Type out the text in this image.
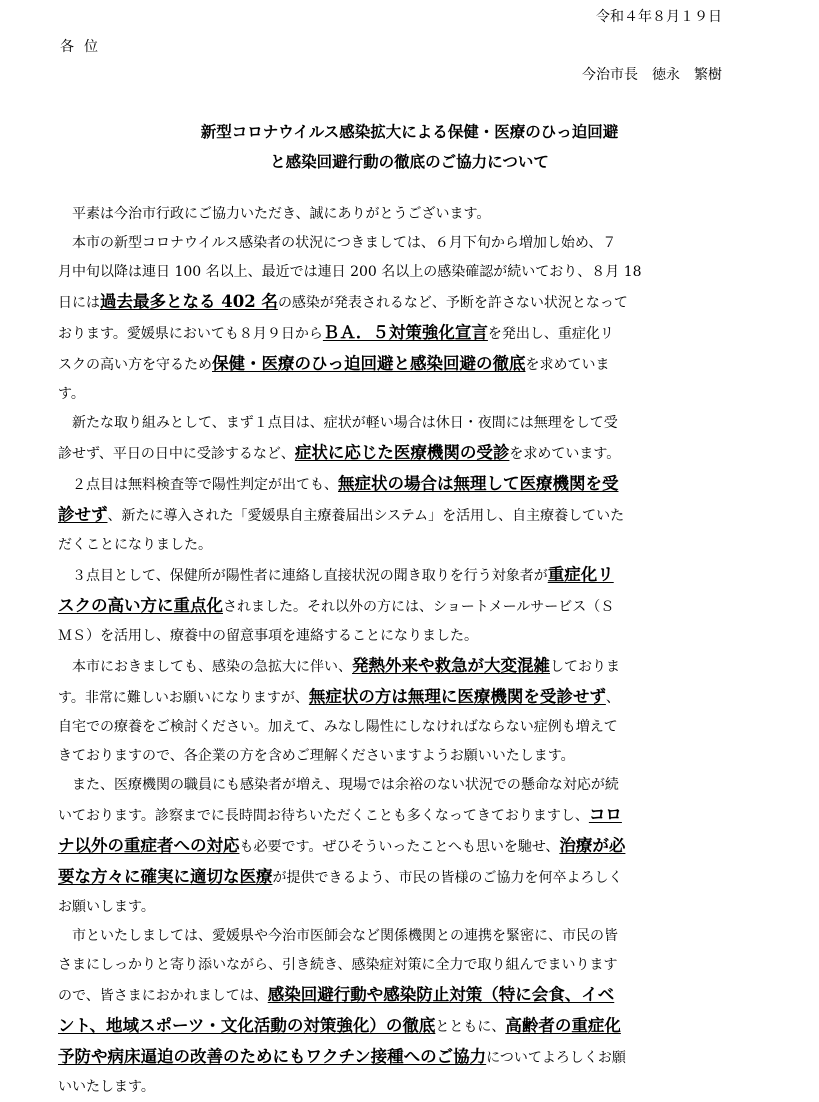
令和４年８月１９日
各位
今治市長　徳永　繁樹
新型コロナウイルス感染拡大による保健・医療のひっ迫回避
と感染回避行動の徹底のご協力について

　平素は今治市行政にご協力いただき、誠にありがとうございます。

　本市の新型コロナウイルス感染者の状況につきましては、６月下旬から増加し始め、７
月中旬以降は連日 100 名以上、最近では連日 200 名以上の感染確認が続いており、８月 18
日には過去最多となる 402 名の感染が発表されるなど、予断を許さない状況となって
おります。愛媛県においても８月９日からＢＡ．５対策強化宣言を発出し、重症化リ
スクの高い方を守るため保健・医療のひっ迫回避と感染回避の徹底を求めていま
す。

　新たな取り組みとして、まず１点目は、症状が軽い場合は休日・夜間には無理をして受
診せず、平日の日中に受診するなど、症状に応じた医療機関の受診を求めています。

　２点目は無料検査等で陽性判定が出ても、無症状の場合は無理して医療機関を受
診せず、新たに導入された「愛媛県自主療養届出システム」を活用し、自主療養していた
だくことになりました。

　３点目として、保健所が陽性者に連絡し直接状況の聞き取りを行う対象者が重症化リ
スクの高い方に重点化されました。それ以外の方には、ショートメールサービス（Ｓ
ＭＳ）を活用し、療養中の留意事項を連絡することになりました。

　本市におきましても、感染の急拡大に伴い、発熱外来や救急が大変混雑しておりま
す。非常に難しいお願いになりますが、無症状の方は無理に医療機関を受診せず、
自宅での療養をご検討ください。加えて、みなし陽性にしなければならない症例も増えて
きておりますので、各企業の方を含めご理解くださいますようお願いいたします。

　また、医療機関の職員にも感染者が増え、現場では余裕のない状況での懸命な対応が続
いております。診察までに長時間お待ちいただくことも多くなってきておりますし、コロ
ナ以外の重症者への対応も必要です。ぜひそういったことへも思いを馳せ、治療が必
要な方々に確実に適切な医療が提供できるよう、市民の皆様のご協力を何卒よろしく
お願いします。

　市といたしましては、愛媛県や今治市医師会など関係機関との連携を緊密に、市民の皆
さまにしっかりと寄り添いながら、引き続き、感染症対策に全力で取り組んでまいります
ので、皆さまにおかれましては、感染回避行動や感染防止対策（特に会食、イベ
ント、地域スポーツ・文化活動の対策強化）の徹底とともに、高齢者の重症化
予防や病床逼迫の改善のためにもワクチン接種へのご協力についてよろしくお願
いいたします。
